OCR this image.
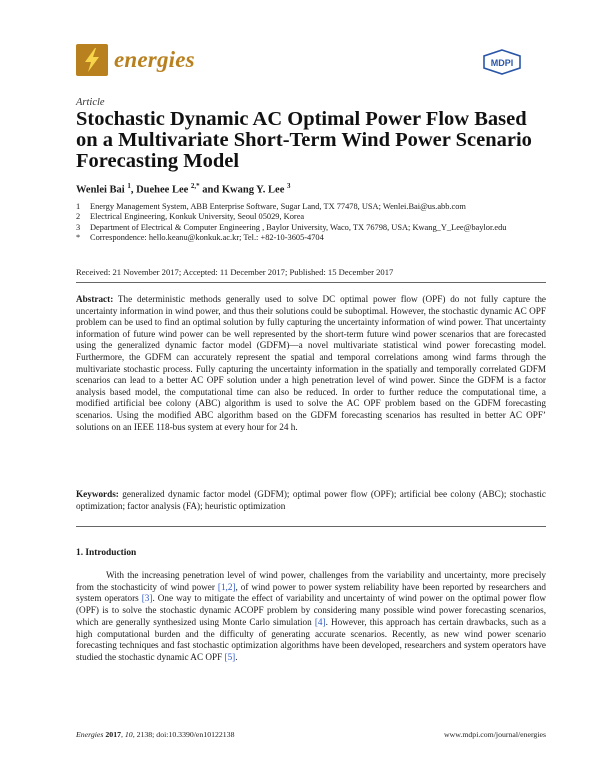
energies	MDPI
Article
Stochastic Dynamic AC Optimal Power Flow Based on a Multivariate Short-Term Wind Power Scenario Forecasting Model
Wenlei Bai $^1$, Duehee Lee $^{2,*}$ and Kwang Y. Lee $^3$
1 Energy Management System, ABB Enterprise Software, Sugar Land, TX 77478, USA; Wenlei.Bai@us.abb.com
2 Electrical Engineering, Konkuk University, Seoul 05029, Korea
3 Department of Electrical & Computer Engineering , Baylor University, Waco, TX 76798, USA; Kwang_Y_Lee@baylor.edu
* Correspondence: hello.keanu@konkuk.ac.kr; Tel.: +82-10-3605-4704
Received: 21 November 2017; Accepted: 11 December 2017; Published: 15 December 2017

Abstract: The deterministic methods generally used to solve DC optimal power flow (OPF) do not fully capture the uncertainty information in wind power, and thus their solutions could be suboptimal. However, the stochastic dynamic AC OPF problem can be used to find an optimal solution by fully capturing the uncertainty information of wind power. That uncertainty information of future wind power can be well represented by the short-term future wind power scenarios that are forecasted using the generalized dynamic factor model (GDFM)—a novel multivariate statistical wind power forecasting model. Furthermore, the GDFM can accurately represent the spatial and temporal correlations among wind farms through the multivariate stochastic process. Fully capturing the uncertainty information in the spatially and temporally correlated GDFM scenarios can lead to a better AC OPF solution under a high penetration level of wind power. Since the GDFM is a factor analysis based model, the computational time can also be reduced. In order to further reduce the computational time, a modified artificial bee colony (ABC) algorithm is used to solve the AC OPF problem based on the GDFM forecasting scenarios. Using the modified ABC algorithm based on the GDFM forecasting scenarios has resulted in better AC OPF’ solutions on an IEEE 118-bus system at every hour for 24 h.

Keywords: generalized dynamic factor model (GDFM); optimal power flow (OPF); artificial bee colony (ABC); stochastic optimization; factor analysis (FA); heuristic optimization

1. Introduction

With the increasing penetration level of wind power, challenges from the variability and uncertainty, more precisely from the stochasticity of wind power [1,2], of wind power to power system reliability have been reported by researchers and system operators [3]. One way to mitigate the effect of variability and uncertainty of wind power on the optimal power flow (OPF) is to solve the stochastic dynamic ACOPF problem by considering many possible wind power forecasting scenarios, which are generally synthesized using Monte Carlo simulation [4]. However, this approach has certain drawbacks, such as a high computational burden and the difficulty of generating accurate scenarios. Recently, as new wind power scenario forecasting techniques and fast stochastic optimization algorithms have been developed, researchers and system operators have studied the stochastic dynamic AC OPF [5].

Energies 2017, 10, 2138; doi:10.3390/en10122138	www.mdpi.com/journal/energies
